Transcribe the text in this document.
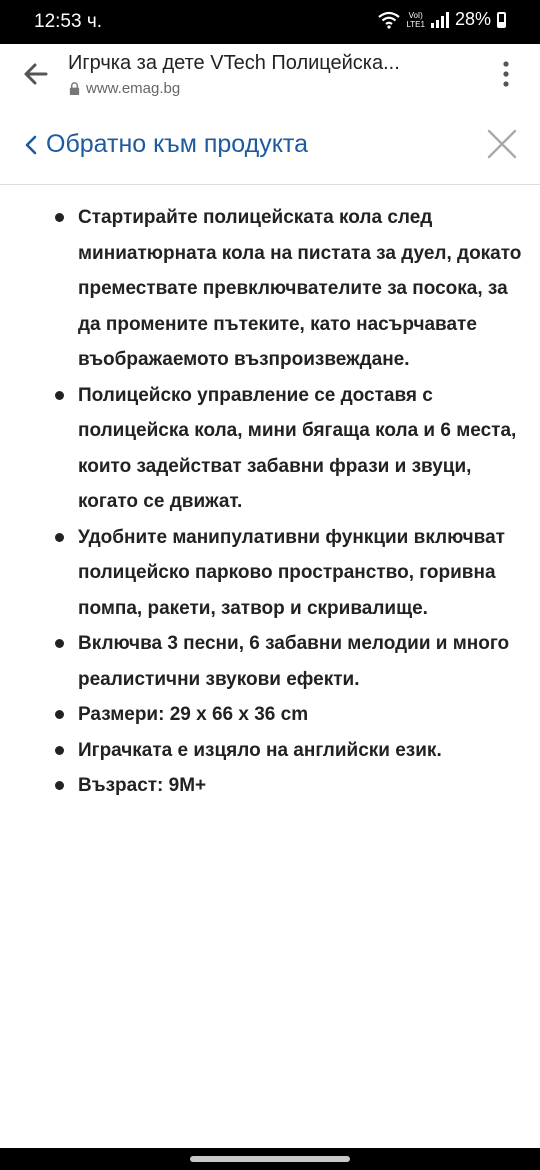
12:53 ч.	VoI)
LTE1 28%
Игрчка за дете VTech Полицейска...
www.emag.bg
Обратно към продукта
Стартирайте полицейската кола след миниатюрната кола на пистата за дуел, докато премествате превключвателите за посока, за да промените пътеките, като насърчавате въображаемото възпроизвеждане.
Полицейско управление се доставя с полицейска кола, мини бягаща кола и 6 места, които задействат забавни фрази и звуци, когато се движат.
Удобните манипулативни функции включват полицейско парково пространство, горивна помпа, ракети, затвор и скривалище.
Включва 3 песни, 6 забавни мелодии и много реалистични звукови ефекти.
Размери: 29 x 66 x 36 cm
Играчката е изцяло на английски език.
Възраст: 9M+
